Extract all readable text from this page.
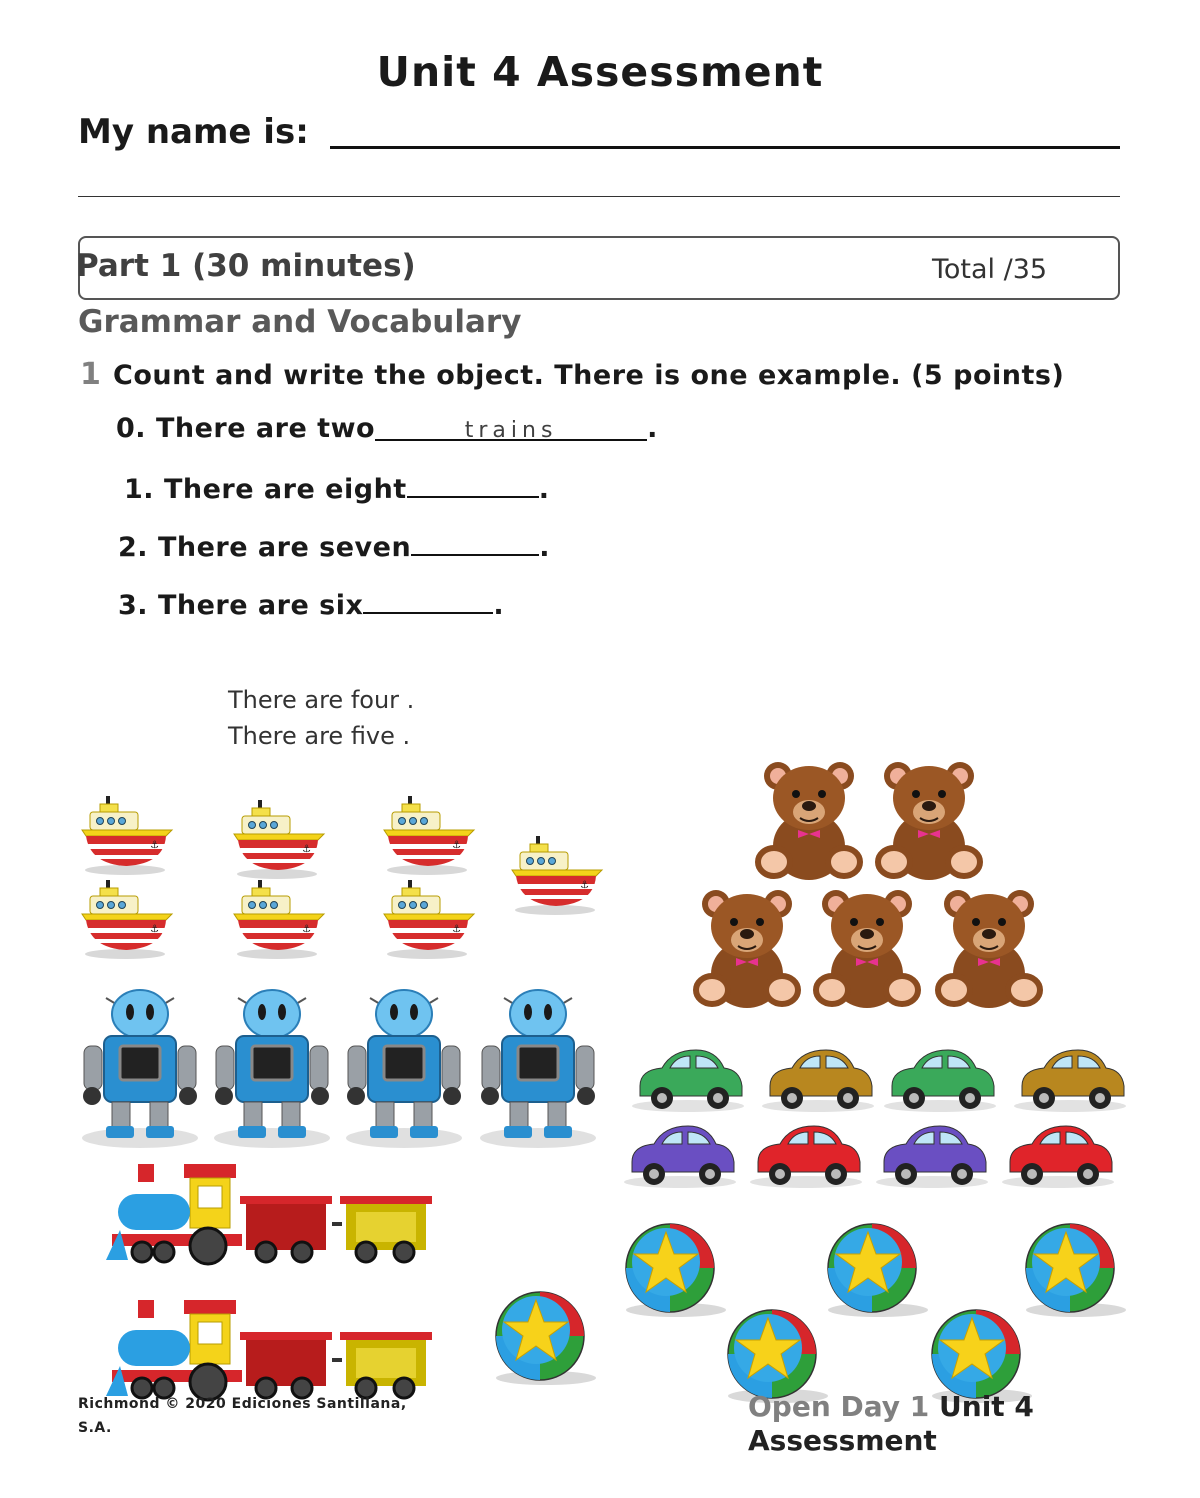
Unit 4 Assessment
My name is:
Part 1 (30 minutes)	Total /35
Grammar and Vocabulary
1 Count and write the object. There is one example. (5 points)
0. There are two	trains	.
1. There are eight	.
2. There are seven	.
3. There are six	.
There are four .
There are five .
Richmond © 2020 Ediciones Santillana, S.A.
Open Day 1 Unit 4 Assessment
